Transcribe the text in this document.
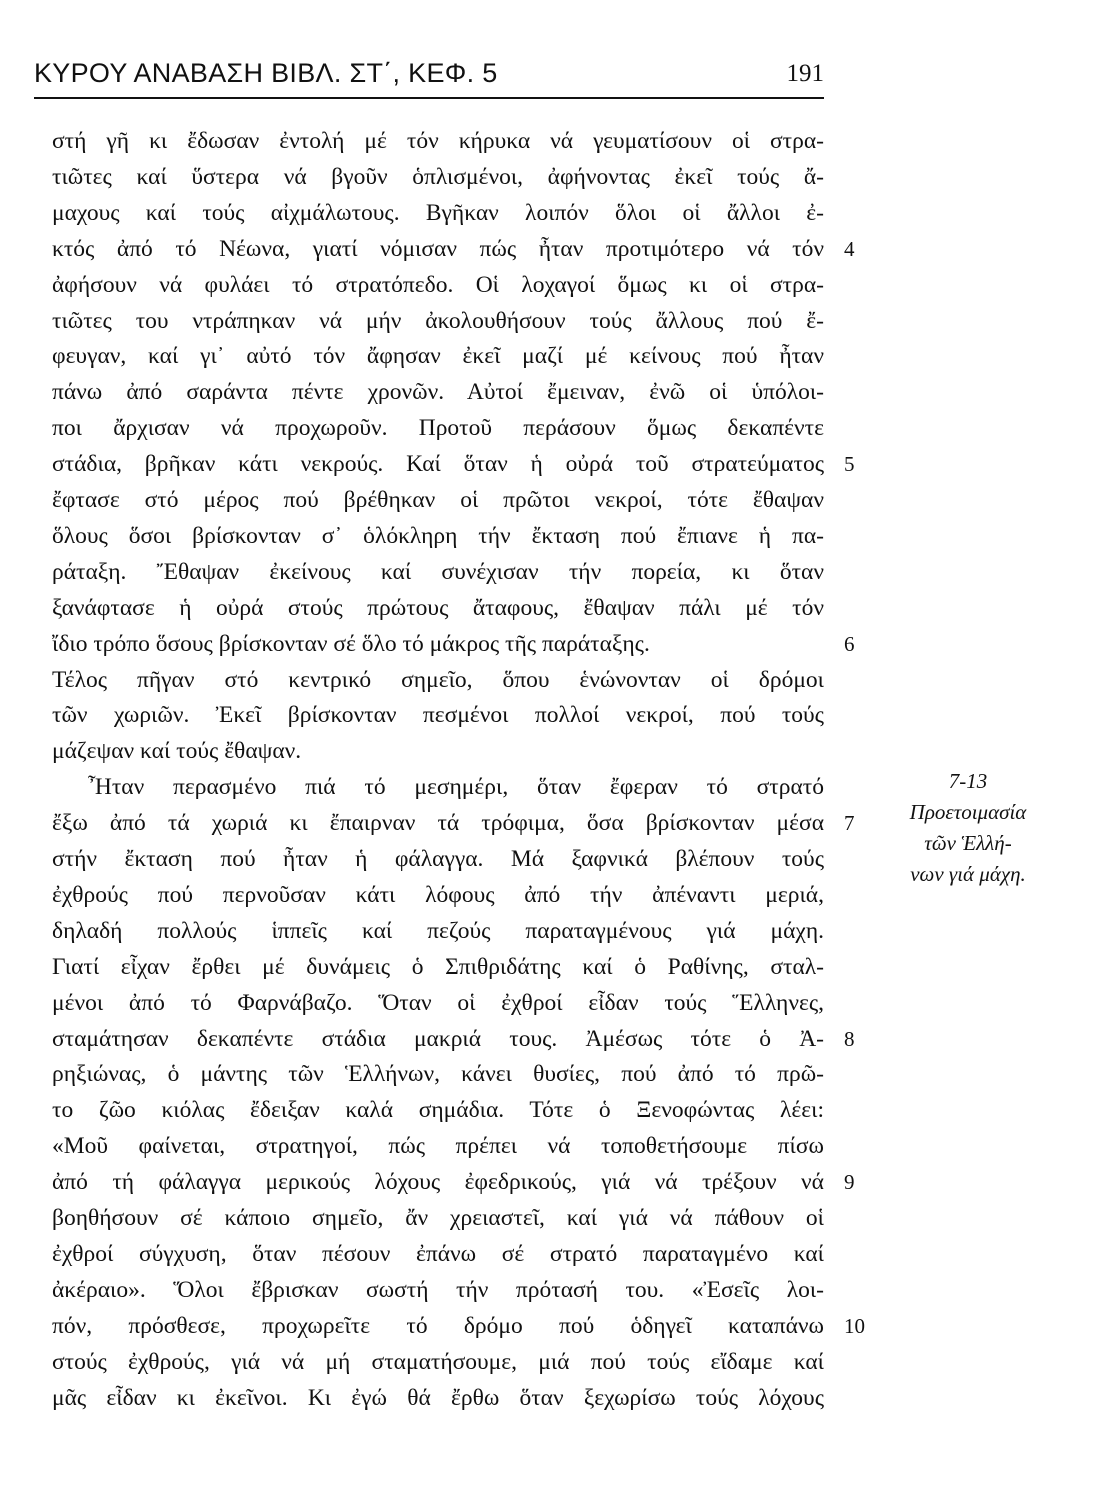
ΚΥΡΟΥ ΑΝΑΒΑΣΗ ΒΙΒΛ. ΣΤ΄, ΚΕΦ. 5	191
στή γῆ κι ἔδωσαν ἐντολή μέ τόν κήρυκα νά γευματίσουν οἱ στρα-
τιῶτες καί ὕστερα νά βγοῦν ὁπλισμένοι, ἀφήνοντας ἐκεῖ τούς ἄ-
μαχους καί τούς αἰχμάλωτους. Βγῆκαν λοιπόν ὅλοι οἱ ἄλλοι ἐ-
κτός ἀπό τό Νέωνα, γιατί νόμισαν πώς ἦταν προτιμότερο νά τόν
ἀφήσουν νά φυλάει τό στρατόπεδο. Οἱ λοχαγοί ὅμως κι οἱ στρα-
τιῶτες του ντράπηκαν νά μήν ἀκολουθήσουν τούς ἄλλους πού ἔ-
φευγαν, καί γι᾿ αὐτό τόν ἄφησαν ἐκεῖ μαζί μέ κείνους πού ἦταν
πάνω ἀπό σαράντα πέντε χρονῶν. Αὐτοί ἔμειναν, ἐνῶ οἱ ὑπόλοι-
ποι ἄρχισαν νά προχωροῦν. Προτοῦ περάσουν ὅμως δεκαπέντε
στάδια, βρῆκαν κάτι νεκρούς. Καί ὅταν ἡ οὐρά τοῦ στρατεύματος
ἔφτασε στό μέρος πού βρέθηκαν οἱ πρῶτοι νεκροί, τότε ἔθαψαν
ὅλους ὅσοι βρίσκονταν σ᾿ ὁλόκληρη τήν ἔκταση πού ἔπιανε ἡ πα-
ράταξη. Ἔθαψαν ἐκείνους καί συνέχισαν τήν πορεία, κι ὅταν
ξανάφτασε ἡ οὐρά στούς πρώτους ἄταφους, ἔθαψαν πάλι μέ τόν
ἴδιο τρόπο ὅσους βρίσκονταν σέ ὅλο τό μάκρος τῆς παράταξης.
Τέλος πῆγαν στό κεντρικό σημεῖο, ὅπου ἑνώνονταν οἱ δρόμοι
τῶν χωριῶν. Ἐκεῖ βρίσκονταν πεσμένοι πολλοί νεκροί, πού τούς
μάζεψαν καί τούς ἔθαψαν.
Ἦταν περασμένο πιά τό μεσημέρι, ὅταν ἔφεραν τό στρατό
ἔξω ἀπό τά χωριά κι ἔπαιρναν τά τρόφιμα, ὅσα βρίσκονταν μέσα
στήν ἔκταση πού ἦταν ἡ φάλαγγα. Μά ξαφνικά βλέπουν τούς
ἐχθρούς πού περνοῦσαν κάτι λόφους ἀπό τήν ἀπέναντι μεριά,
δηλαδή πολλούς ἱππεῖς καί πεζούς παραταγμένους γιά μάχη.
Γιατί εἶχαν ἔρθει μέ δυνάμεις ὁ Σπιθριδάτης καί ὁ Ραθίνης, σταλ-
μένοι ἀπό τό Φαρνάβαζο. Ὅταν οἱ ἐχθροί εἶδαν τούς Ἕλληνες,
σταμάτησαν δεκαπέντε στάδια μακριά τους. Ἀμέσως τότε ὁ Ἀ-
ρηξιώνας, ὁ μάντης τῶν Ἑλλήνων, κάνει θυσίες, πού ἀπό τό πρῶ-
το ζῶο κιόλας ἔδειξαν καλά σημάδια. Τότε ὁ Ξενοφώντας λέει:
«Μοῦ φαίνεται, στρατηγοί, πώς πρέπει νά τοποθετήσουμε πίσω
ἀπό τή φάλαγγα μερικούς λόχους ἐφεδρικούς, γιά νά τρέξουν νά
βοηθήσουν σέ κάποιο σημεῖο, ἄν χρειαστεῖ, καί γιά νά πάθουν οἱ
ἐχθροί σύγχυση, ὅταν πέσουν ἐπάνω σέ στρατό παραταγμένο καί
ἀκέραιο». Ὅλοι ἔβρισκαν σωστή τήν πρότασή του. «Ἐσεῖς λοι-
πόν, πρόσθεσε, προχωρεῖτε τό δρόμο πού ὁδηγεῖ καταπάνω
στούς ἐχθρούς, γιά νά μή σταματήσουμε, μιά πού τούς εἴδαμε καί
μᾶς εἶδαν κι ἐκεῖνοι. Κι ἐγώ θά ἔρθω ὅταν ξεχωρίσω τούς λόχους
4
5
6
7
8
9
10
7-13
Προετοιμασία
τῶν Ἑλλή-
νων γιά μάχη.
